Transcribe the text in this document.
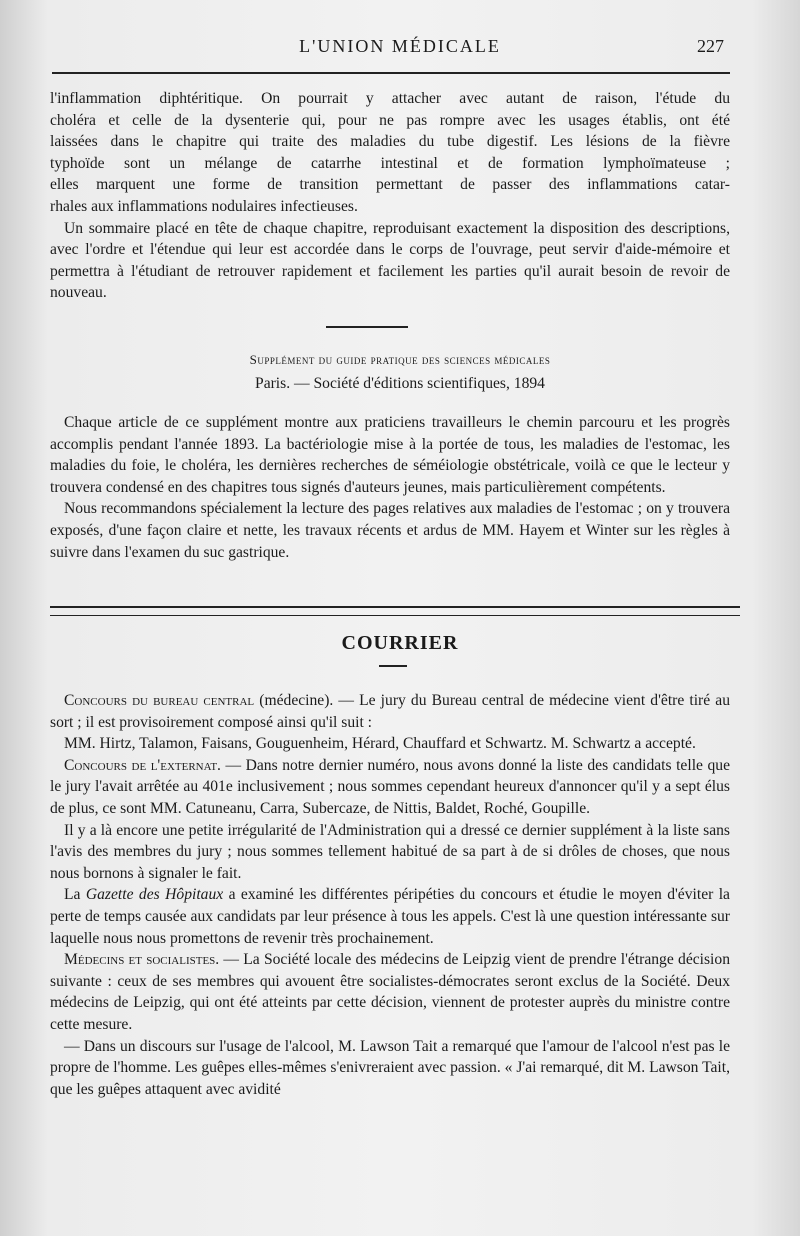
L'UNION MÉDICALE	227

l'inflammation diphtéritique. On pourrait y attacher avec autant de raison, l'étude du

choléra et celle de la dysenterie qui, pour ne pas rompre avec les usages établis, ont été

laissées dans le chapitre qui traite des maladies du tube digestif. Les lésions de la fièvre

typhoïde sont un mélange de catarrhe intestinal et de formation lymphoïmateuse ;

elles marquent une forme de transition permettant de passer des inflammations catar-

rhales aux inflammations nodulaires infectieuses.

Un sommaire placé en tête de chaque chapitre, reproduisant exactement la disposition des descriptions, avec l'ordre et l'étendue qui leur est accordée dans le corps de l'ouvrage, peut servir d'aide-mémoire et permettra à l'étudiant de retrouver rapidement et facilement les parties qu'il aurait besoin de revoir de nouveau.

Supplément du guide pratique des sciences médicales
Paris. — Société d'éditions scientifiques, 1894

Chaque article de ce supplément montre aux praticiens travailleurs le chemin parcouru et les progrès accomplis pendant l'année 1893. La bactériologie mise à la portée de tous, les maladies de l'estomac, les maladies du foie, le choléra, les dernières recherches de séméiologie obstétricale, voilà ce que le lecteur y trouvera condensé en des chapitres tous signés d'auteurs jeunes, mais particulièrement compétents.

Nous recommandons spécialement la lecture des pages relatives aux maladies de l'estomac ; on y trouvera exposés, d'une façon claire et nette, les travaux récents et ardus de MM. Hayem et Winter sur les règles à suivre dans l'examen du suc gastrique.

COURRIER

Concours du bureau central (médecine). — Le jury du Bureau central de médecine vient d'être tiré au sort ; il est provisoirement composé ainsi qu'il suit :

MM. Hirtz, Talamon, Faisans, Gouguenheim, Hérard, Chauffard et Schwartz. M. Schwartz a accepté.

Concours de l'externat. — Dans notre dernier numéro, nous avons donné la liste des candidats telle que le jury l'avait arrêtée au 401e inclusivement ; nous sommes cependant heureux d'annoncer qu'il y a sept élus de plus, ce sont MM. Catuneanu, Carra, Subercaze, de Nittis, Baldet, Roché, Goupille.

Il y a là encore une petite irrégularité de l'Administration qui a dressé ce dernier supplément à la liste sans l'avis des membres du jury ; nous sommes tellement habitué de sa part à de si drôles de choses, que nous nous bornons à signaler le fait.

La Gazette des Hôpitaux a examiné les différentes péripéties du concours et étudie le moyen d'éviter la perte de temps causée aux candidats par leur présence à tous les appels. C'est là une question intéressante sur laquelle nous nous promettons de revenir très prochainement.

Médecins et socialistes. — La Société locale des médecins de Leipzig vient de prendre l'étrange décision suivante : ceux de ses membres qui avouent être socialistes-démocrates seront exclus de la Société. Deux médecins de Leipzig, qui ont été atteints par cette décision, viennent de protester auprès du ministre contre cette mesure.

— Dans un discours sur l'usage de l'alcool, M. Lawson Tait a remarqué que l'amour de l'alcool n'est pas le propre de l'homme. Les guêpes elles-mêmes s'enivreraient avec passion. « J'ai remarqué, dit M. Lawson Tait, que les guêpes attaquent avec avidité
